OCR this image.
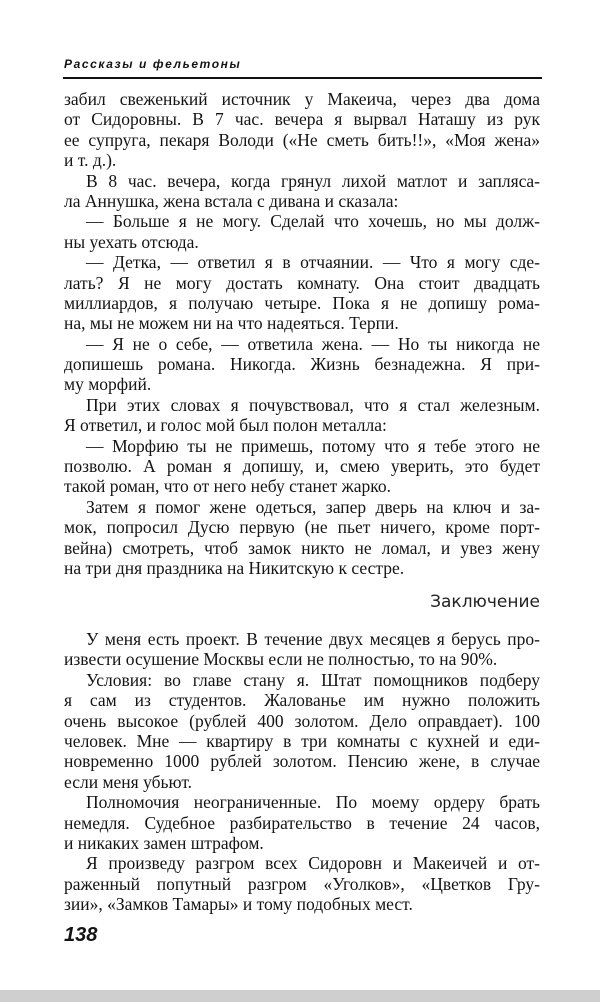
Рассказы и фельетоны
забил свеженький источник у Макеича, через два дома
от Сидоровны. В 7 час. вечера я вырвал Наташу из рук
ее супруга, пекаря Володи («Не сметь бить!!», «Моя жена»
и т. д.).
В 8 час. вечера, когда грянул лихой матлот и заплясa-
ла Аннушка, жена встала с дивана и сказала:
— Больше я не могу. Сделай что хочешь, но мы долж-
ны уехать отсюда.
— Детка, — ответил я в отчаянии. — Что я могу сде-
лать? Я не могу достать комнату. Она стоит двадцать
миллиардов, я получаю четыре. Пока я не допишу рома-
на, мы не можем ни на что надеяться. Терпи.
— Я не о себе, — ответила жена. — Но ты никогда не
допишешь романа. Никогда. Жизнь безнадежна. Я при-
му морфий.
При этих словах я почувствовал, что я стал железным.
Я ответил, и голос мой был полон металла:
— Морфию ты не примешь, потому что я тебе этого не
позволю. А роман я допишу, и, смею уверить, это будет
такой роман, что от него небу станет жарко.
Затем я помог жене одеться, запер дверь на ключ и за-
мок, попросил Дусю первую (не пьет ничего, кроме порт-
вейна) смотреть, чтоб замок никто не ломал, и увез жену
на три дня праздника на Никитскую к сестре.
Заключение
У меня есть проект. В течение двух месяцев я берусь про-
извести осушение Москвы если не полностью, то на 90%.
Условия: во главе стану я. Штат помощников подберу
я сам из студентов. Жалованье им нужно положить
очень высокое (рублей 400 золотом. Дело оправдает). 100
человек. Мне — квартиру в три комнаты с кухней и еди-
новременно 1000 рублей золотом. Пенсию жене, в случае
если меня убьют.
Полномочия неограниченные. По моему ордеру брать
немедля. Судебное разбирательство в течение 24 часов,
и никаких замен штрафом.
Я произведу разгром всех Сидоровн и Макеичей и от-
раженный попутный разгром «Уголков», «Цветков Гру-
зии», «Замков Тамары» и тому подобных мест.
138
